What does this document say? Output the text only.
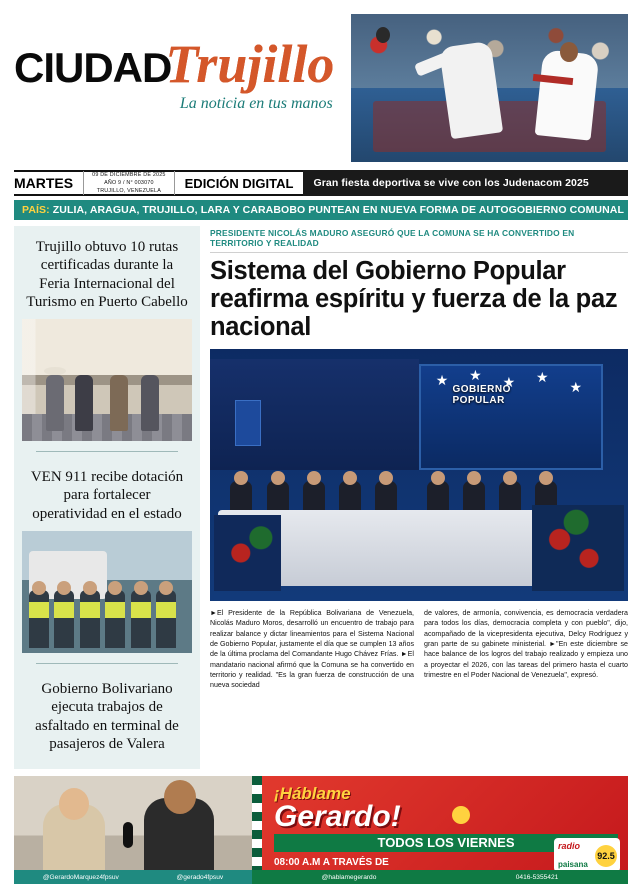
CIUDAD
Trujillo
La noticia en tus manos
MARTES
09 DE DICIEMBRE DE 2025
AÑO 9 / N° 003070
TRUJILLO, VENEZUELA
EDICIÓN DIGITAL	Gran fiesta deportiva se vive con los Judenacom 2025
PAÍS: ZULIA, ARAGUA, TRUJILLO, LARA Y CARABOBO PUNTEAN EN NUEVA FORMA DE AUTOGOBIERNO COMUNAL
Trujillo obtuvo 10 rutas certificadas durante la Feria Internacional del Turismo en Puerto Cabello
VEN 911 recibe dotación para fortalecer operatividad en el estado
Gobierno Bolivariano ejecuta trabajos de asfaltado en terminal de pasajeros de Valera
PRESIDENTE NICOLÁS MADURO ASEGURÓ QUE LA COMUNA SE HA CONVERTIDO EN TERRITORIO Y REALIDAD
Sistema del Gobierno Popular reafirma espíritu y fuerza de la paz nacional
★ ★ ★ ★
★
GOBIERNO
POPULAR

►El Presidente de la República Bolivariana de Venezuela, Nicolás Maduro Moros, desarrolló un encuentro de trabajo para realizar balance y dictar lineamientos para el Sistema Nacional de Gobierno Popular, justamente el día que se cumplen 13 años de la última proclama del Comandante Hugo Chávez Frías. ►El mandatario nacional afirmó que la Comuna se ha convertido en territorio y realidad. "Es la gran fuerza de construcción de una nueva sociedad

de valores, de armonía, convivencia, es democracia verdadera para todos los días, democracia completa y con pueblo", dijo, acompañado de la vicepresidenta ejecutiva, Delcy Rodríguez y gran parte de su gabinete ministerial. ►"En este diciembre se hace balance de los logros del trabajo realizado y empieza uno a proyectar el 2026, con las tareas del primero hasta el cuarto trimestre en el Poder Nacional de Venezuela", expresó.

@GerardoMarquez4fpsuv	@gerado4fpsuv
¡Háblame
Gerardo!
TODOS LOS VIERNES
08:00 A.M A TRAVÉS DE
radio
paisana
92.5
@hablamegerardo	0416-5355421
